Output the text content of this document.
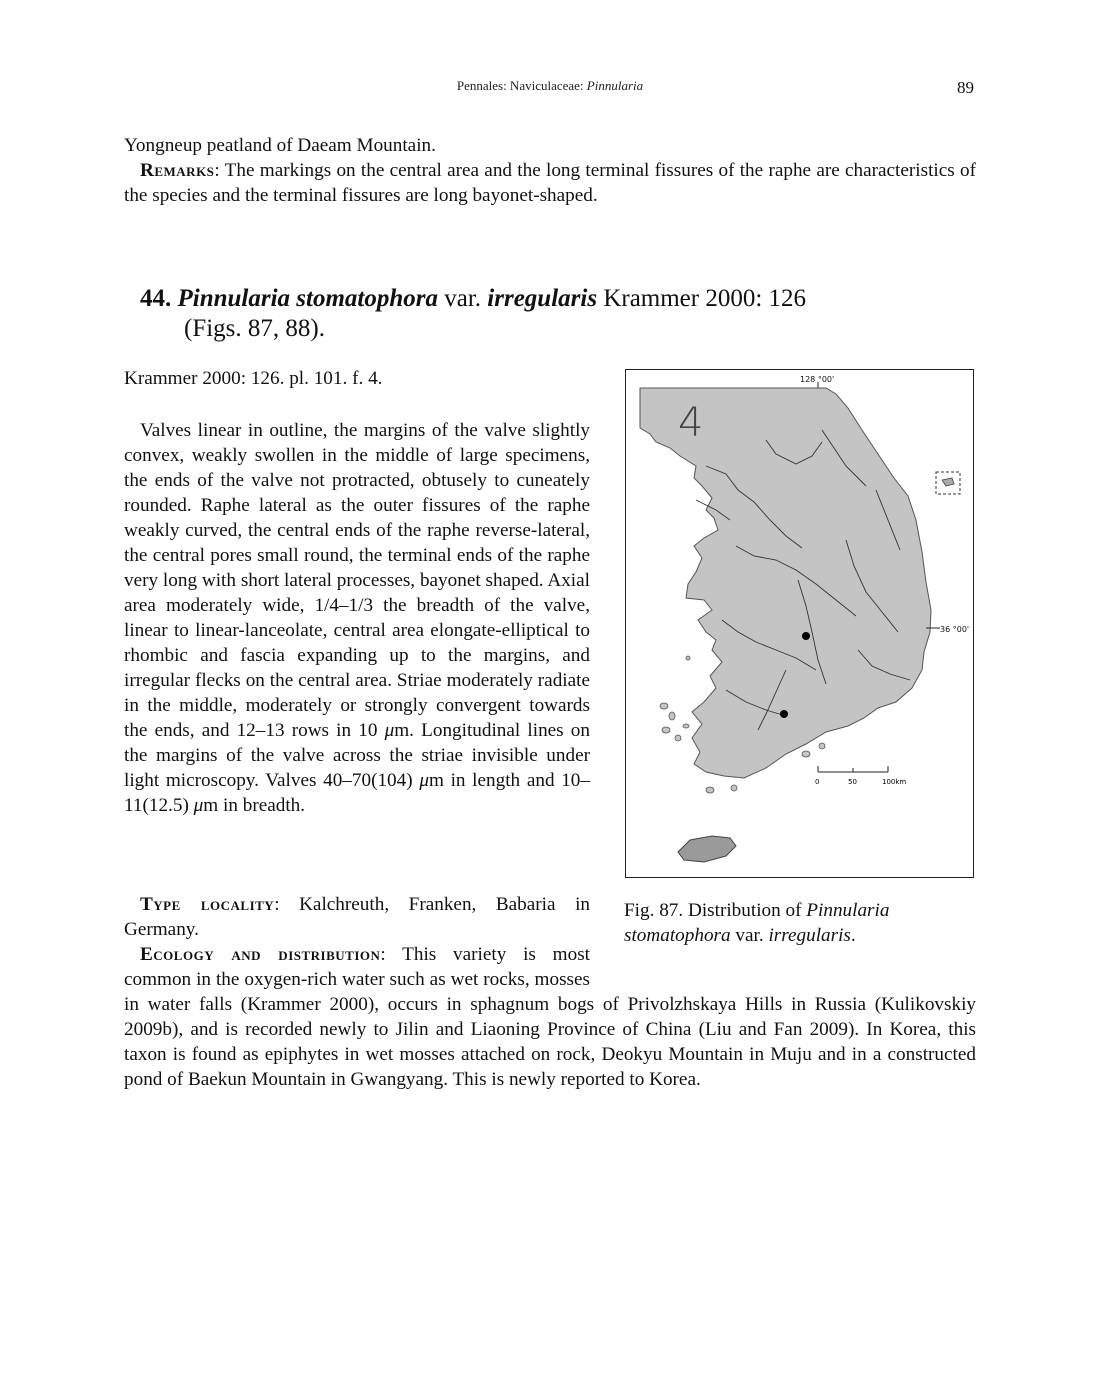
Pennales: Naviculaceae: Pinnularia	89
Yongneup peatland of Daeam Mountain.
Remarks: The markings on the central area and the long terminal fissures of the raphe are characteristics of the species and the terminal fissures are long bayonet-shaped.
44. Pinnularia stomatophora var. irregularis Krammer 2000: 126
(Figs. 87, 88).
Krammer 2000: 126. pl. 101. f. 4.
Valves linear in outline, the margins of the valve slightly convex, weakly swollen in the middle of large specimens, the ends of the valve not protracted, obtusely to cuneately rounded. Raphe lateral as the outer fissures of the raphe weakly curved, the central ends of the raphe reverse-lateral, the central pores small round, the terminal ends of the raphe very long with short lateral processes, bayonet shaped. Axial area moderately wide, 1/4–1/3 the breadth of the valve, linear to linear-lanceolate, central area elongate-elliptical to rhombic and fascia expanding up to the margins, and irregular flecks on the central area. Striae moderately radiate in the middle, moderately or strongly convergent towards the ends, and 12–13 rows in 10 μm. Longitudinal lines on the margins of the valve across the striae invisible under light microscopy. Valves 40–70(104) μm in length and 10–11(12.5) μm in breadth.
Type locality: Kalchreuth, Franken, Babaria in Germany.
Ecology and distribution: This variety is most common in the oxygen-rich water such as wet rocks, mosses in water falls (Krammer 2000), occurs in sphagnum bogs of Privolzhskaya Hills in Russia (Kulikovskiy 2009b), and is recorded newly to Jilin and Liaoning Province of China (Liu and Fan 2009). In Korea, this taxon is found as epiphytes in wet mosses attached on rock, Deokyu Mountain in Muju and in a constructed pond of Baekun Mountain in Gwangyang. This is newly reported to Korea.
128 °00'
36 °00'
4
0	50	100km
Fig. 87. Distribution of Pinnularia stomatophora var. irregularis.
